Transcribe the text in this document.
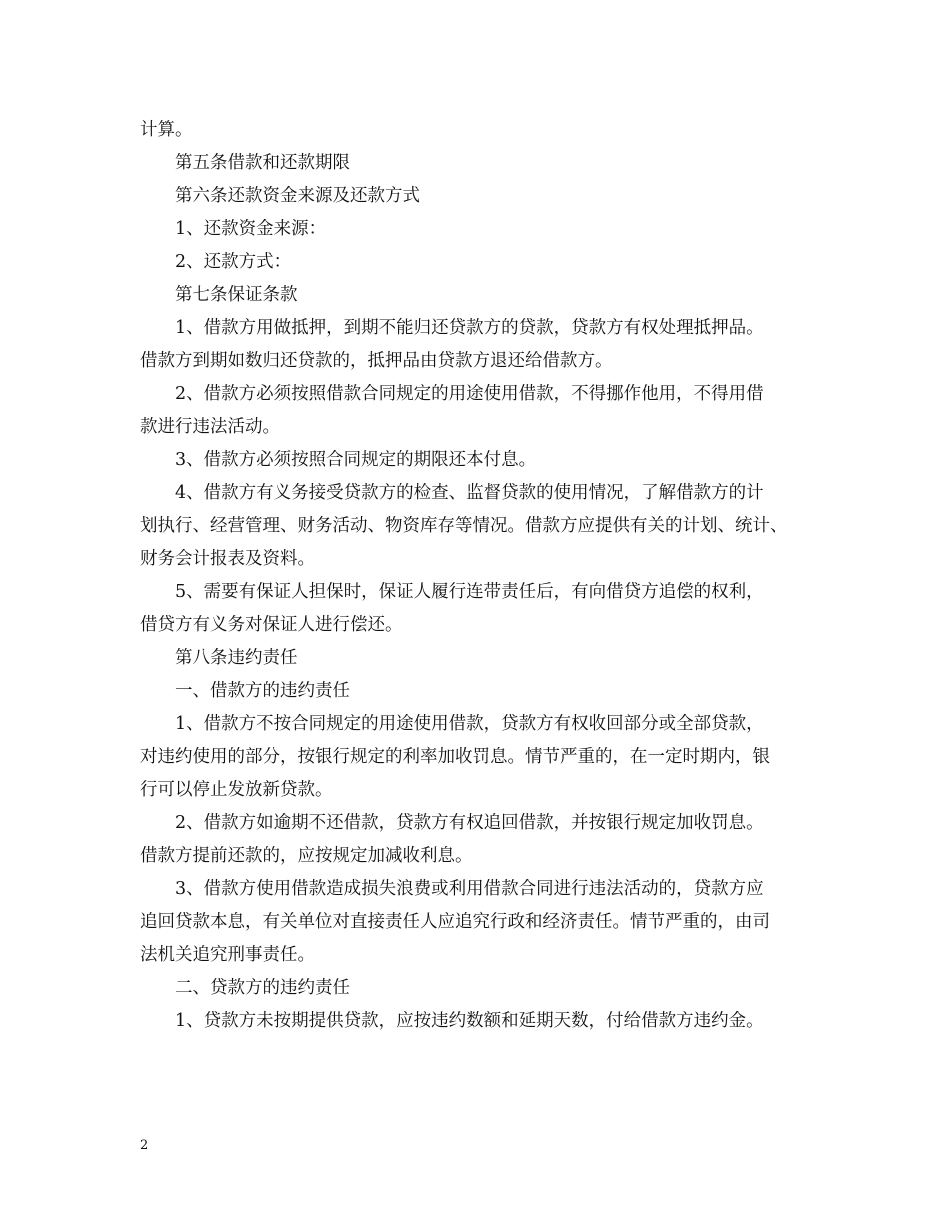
计算。

第五条借款和还款期限

第六条还款资金来源及还款方式

1、还款资金来源：

2、还款方式：

第七条保证条款

1、借款方用做抵押，到期不能归还贷款方的贷款，贷款方有权处理抵押品。

借款方到期如数归还贷款的，抵押品由贷款方退还给借款方。

2、借款方必须按照借款合同规定的用途使用借款，不得挪作他用，不得用借

款进行违法活动。

3、借款方必须按照合同规定的期限还本付息。

4、借款方有义务接受贷款方的检查、监督贷款的使用情况，了解借款方的计

划执行、经营管理、财务活动、物资库存等情况。借款方应提供有关的计划、统计、

财务会计报表及资料。

5、需要有保证人担保时，保证人履行连带责任后，有向借贷方追偿的权利，

借贷方有义务对保证人进行偿还。

第八条违约责任

一、借款方的违约责任

1、借款方不按合同规定的用途使用借款，贷款方有权收回部分或全部贷款，

对违约使用的部分，按银行规定的利率加收罚息。情节严重的，在一定时期内，银

行可以停止发放新贷款。

2、借款方如逾期不还借款，贷款方有权追回借款，并按银行规定加收罚息。

借款方提前还款的，应按规定加减收利息。

3、借款方使用借款造成损失浪费或利用借款合同进行违法活动的，贷款方应

追回贷款本息，有关单位对直接责任人应追究行政和经济责任。情节严重的，由司

法机关追究刑事责任。

二、贷款方的违约责任

1、贷款方未按期提供贷款，应按违约数额和延期天数，付给借款方违约金。

2
